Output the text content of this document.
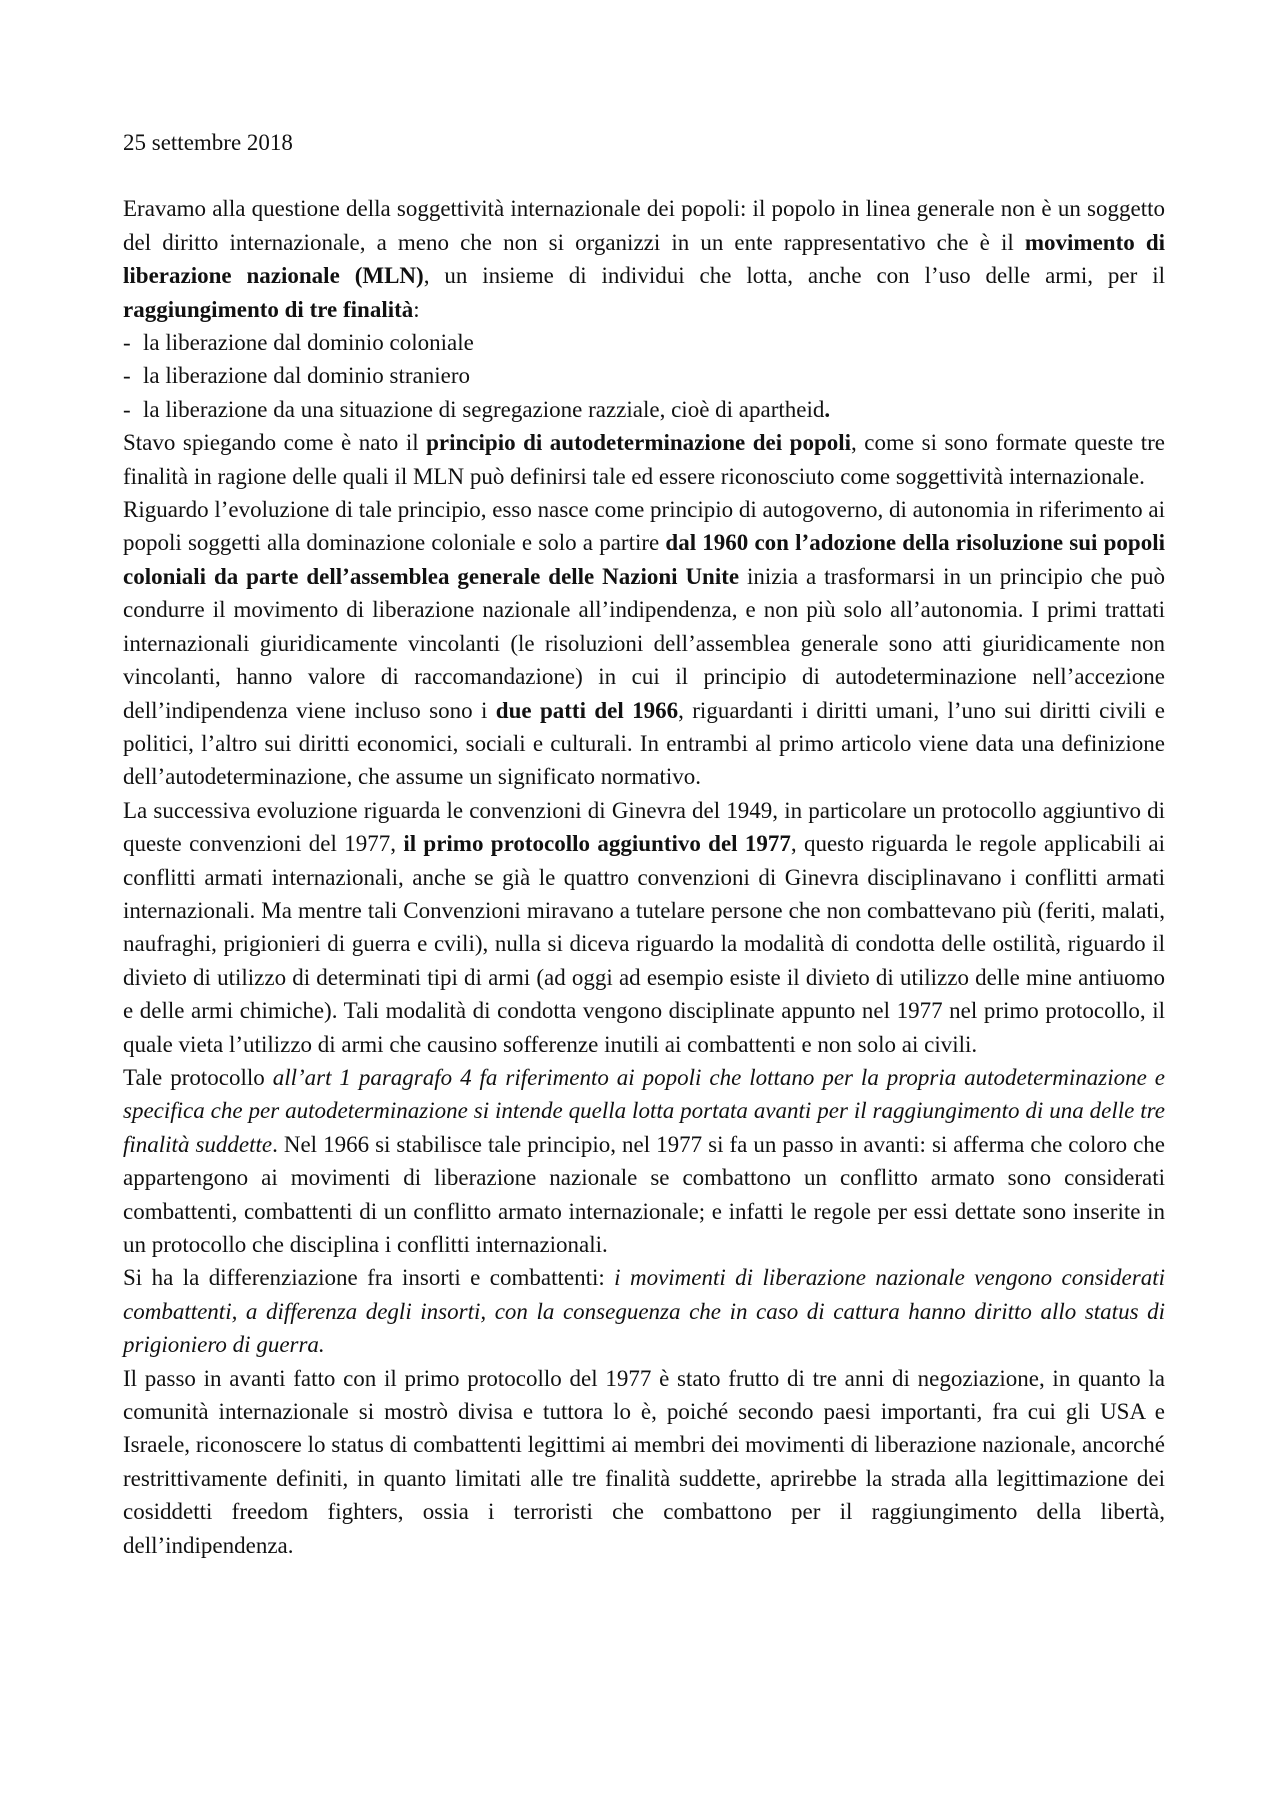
25 settembre 2018

Eravamo alla questione della soggettività internazionale dei popoli: il popolo in linea generale non è un soggetto del diritto internazionale, a meno che non si organizzi in un ente rappresentativo che è il movimento di liberazione nazionale (MLN), un insieme di individui che lotta, anche con l’uso delle armi, per il raggiungimento di tre finalità:

- la liberazione dal dominio coloniale
- la liberazione dal dominio straniero
- la liberazione da una situazione di segregazione razziale, cioè di apartheid.

Stavo spiegando come è nato il principio di autodeterminazione dei popoli, come si sono formate queste tre finalità in ragione delle quali il MLN può definirsi tale ed essere riconosciuto come soggettività internazionale.

Riguardo l’evoluzione di tale principio, esso nasce come principio di autogoverno, di autonomia in riferimento ai popoli soggetti alla dominazione coloniale e solo a partire dal 1960 con l’adozione della risoluzione sui popoli coloniali da parte dell’assemblea generale delle Nazioni Unite inizia a trasformarsi in un principio che può condurre il movimento di liberazione nazionale all’indipendenza, e non più solo all’autonomia. I primi trattati internazionali giuridicamente vincolanti (le risoluzioni dell’assemblea generale sono atti giuridicamente non vincolanti, hanno valore di raccomandazione) in cui il principio di autodeterminazione nell’accezione dell’indipendenza viene incluso sono i due patti del 1966, riguardanti i diritti umani, l’uno sui diritti civili e politici, l’altro sui diritti economici, sociali e culturali. In entrambi al primo articolo viene data una definizione dell’autodeterminazione, che assume un significato normativo.

La successiva evoluzione riguarda le convenzioni di Ginevra del 1949, in particolare un protocollo aggiuntivo di queste convenzioni del 1977, il primo protocollo aggiuntivo del 1977, questo riguarda le regole applicabili ai conflitti armati internazionali, anche se già le quattro convenzioni di Ginevra disciplinavano i conflitti armati internazionali. Ma mentre tali Convenzioni miravano a tutelare persone che non combattevano più (feriti, malati, naufraghi, prigionieri di guerra e cvili), nulla si diceva riguardo la modalità di condotta delle ostilità, riguardo il divieto di utilizzo di determinati tipi di armi (ad oggi ad esempio esiste il divieto di utilizzo delle mine antiuomo e delle armi chimiche). Tali modalità di condotta vengono disciplinate appunto nel 1977 nel primo protocollo, il quale vieta l’utilizzo di armi che causino sofferenze inutili ai combattenti e non solo ai civili.

Tale protocollo all’art 1 paragrafo 4 fa riferimento ai popoli che lottano per la propria autodeterminazione e specifica che per autodeterminazione si intende quella lotta portata avanti per il raggiungimento di una delle tre finalità suddette. Nel 1966 si stabilisce tale principio, nel 1977 si fa un passo in avanti: si afferma che coloro che appartengono ai movimenti di liberazione nazionale se combattono un conflitto armato sono considerati combattenti, combattenti di un conflitto armato internazionale; e infatti le regole per essi dettate sono inserite in un protocollo che disciplina i conflitti internazionali.

Si ha la differenziazione fra insorti e combattenti: i movimenti di liberazione nazionale vengono considerati combattenti, a differenza degli insorti, con la conseguenza che in caso di cattura hanno diritto allo status di prigioniero di guerra.

Il passo in avanti fatto con il primo protocollo del 1977 è stato frutto di tre anni di negoziazione, in quanto la comunità internazionale si mostrò divisa e tuttora lo è, poiché secondo paesi importanti, fra cui gli USA e Israele, riconoscere lo status di combattenti legittimi ai membri dei movimenti di liberazione nazionale, ancorché restrittivamente definiti, in quanto limitati alle tre finalità suddette, aprirebbe la strada alla legittimazione dei cosiddetti freedom fighters, ossia i terroristi che combattono per il raggiungimento della libertà, dell’indipendenza.
